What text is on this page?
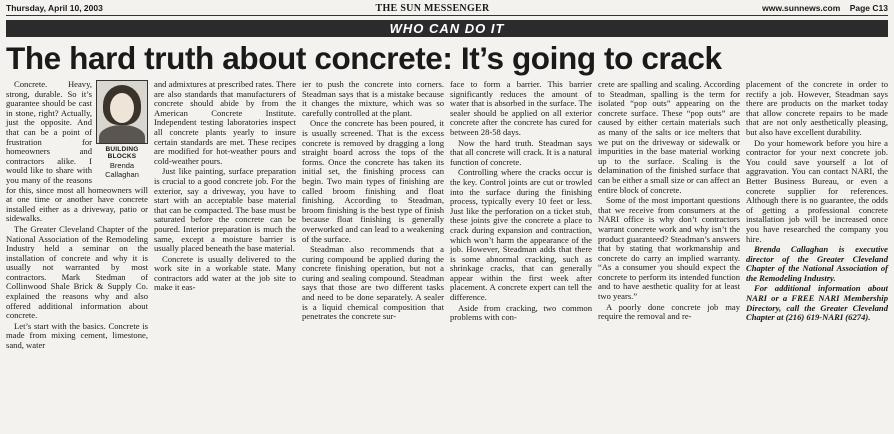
Thursday, April 10, 2003	THE SUN MESSENGER	www.sunnews.com Page C13
WHO CAN DO IT
The hard truth about concrete: It’s going to crack
BUILDING
BLOCKS
Brenda
Callaghan

Concrete. Heavy, strong, durable. So it’s guarantee should be cast in stone, right? Actually, just the opposite. And that can be a point of frustration for homeowners and contractors alike. I would like to share with you many of the reasons for this, since most all homeowners will at one time or another have concrete installed either as a driveway, patio or sidewalks.

The Greater Cleveland Chapter of the National Association of the Remodeling Industry held a seminar on the installation of concrete and why it is usually not warranted by most contractors. Mark Stedman of Collinwood Shale Brick & Supply Co. explained the reasons why and also offered additional information about concrete.

Let’s start with the basics. Concrete is made from mixing cement, limestone, sand, water

and admixtures at prescribed rates. There are also standards that manufacturers of concrete should abide by from the American Concrete Institute. Independent testing laboratories inspect all concrete plants yearly to insure certain standards are met. These recipes are modified for hot-weather pours and cold-weather pours.

Just like painting, surface preparation is crucial to a good concrete job. For the exterior, say a driveway, you have to start with an acceptable base material that can be compacted. The base must be saturated before the concrete can be poured. Interior preparation is much the same, except a moisture barrier is usually placed beneath the base material.

Concrete is usually delivered to the work site in a workable state. Many contractors add water at the job site to make it eas-

ier to push the concrete into corners. Steadman says that is a mistake because it changes the mixture, which was so carefully controlled at the plant.

Once the concrete has been poured, it is usually screened. That is the excess concrete is removed by dragging a long straight board across the tops of the forms. Once the concrete has taken its initial set, the finishing process can begin. Two main types of finishing are called broom finishing and float finishing. According to Steadman, broom finishing is the best type of finish because float finishing is generally overworked and can lead to a weakening of the surface.

Steadman also recommends that a curing compound be applied during the concrete finishing operation, but not a curing and sealing compound. Steadman says that those are two different tasks and need to be done separately. A sealer is a liquid chemical composition that penetrates the concrete sur-

face to form a barrier. This barrier significantly reduces the amount of water that is absorbed in the surface. The sealer should be applied on all exterior concrete after the concrete has cured for between 28-58 days.

Now the hard truth. Steadman says that all concrete will crack. It is a natural function of concrete.

Controlling where the cracks occur is the key. Control joints are cut or trowled into the surface during the finishing process, typically every 10 feet or less. Just like the perforation on a ticket stub, these joints give the concrete a place to crack during expansion and contraction, which won’t harm the appearance of the job. However, Steadman adds that there is some abnormal cracking, such as shrinkage cracks, that can generally appear within the first week after placement. A concrete expert can tell the difference.

Aside from cracking, two common problems with con-

crete are spalling and scaling. According to Steadman, spalling is the term for isolated “pop outs” appearing on the concrete surface. These “pop outs” are caused by either certain materials such as many of the salts or ice melters that we put on the driveway or sidewalk or impurities in the base material working up to the surface. Scaling is the delamination of the finished surface that can be either a small size or can affect an entire block of concrete.

Some of the most important questions that we receive from consumers at the NARI office is why don’t contractors warrant concrete work and why isn’t the product guaranteed? Steadman’s answers that by stating that workmanship and concrete do carry an implied warranty. “As a consumer you should expect the concrete to perform its intended function and to have aesthetic quality for at least two years.”

A poorly done concrete job may require the removal and re-

placement of the concrete in order to rectify a job. However, Steadman says there are products on the market today that allow concrete repairs to be made that are not only aesthetically pleasing, but also have excellent durability.

Do your homework before you hire a contractor for your next concrete job. You could save yourself a lot of aggravation. You can contact NARI, the Better Business Bureau, or even a concrete supplier for references. Although there is no guarantee, the odds of getting a professional concrete installation job will be increased once you have researched the company you hire.

Brenda Callaghan is executive director of the Greater Cleveland Chapter of the National Association of the Remodeling Industry.

For additional information about NARI or a FREE NARI Membership Directory, call the Greater Cleveland Chapter at (216) 619-NARI (6274).
